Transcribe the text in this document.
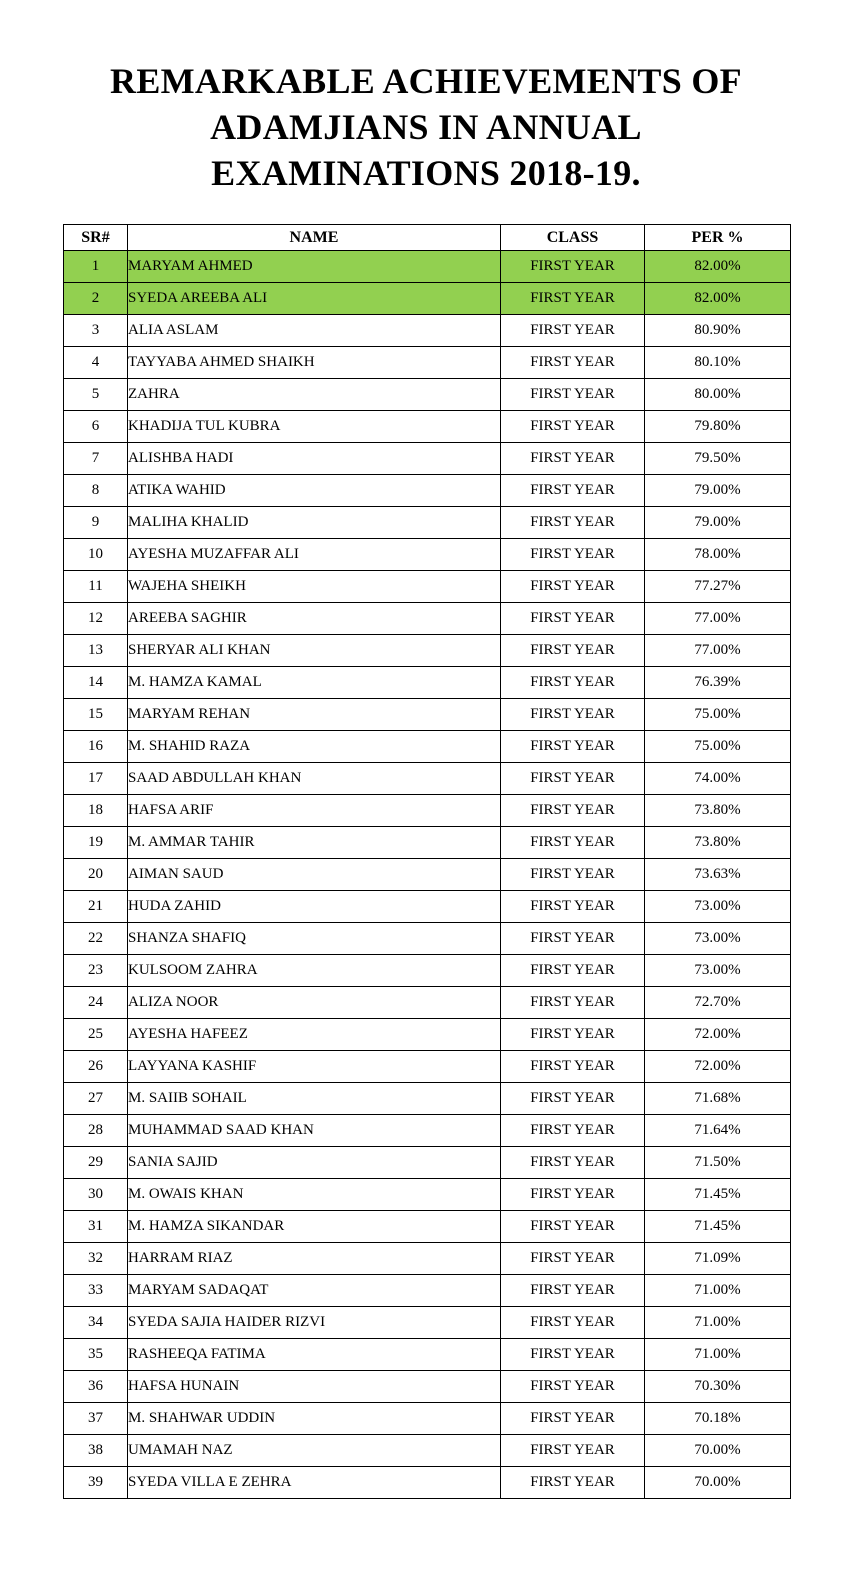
REMARKABLE ACHIEVEMENTS OF
ADAMJIANS IN ANNUAL
EXAMINATIONS 2018-19.
SR#	NAME	CLASS	PER %
1	MARYAM AHMED	FIRST YEAR	82.00%
2	SYEDA AREEBA ALI	FIRST YEAR	82.00%
3	ALIA ASLAM	FIRST YEAR	80.90%
4	TAYYABA AHMED SHAIKH	FIRST YEAR	80.10%
5	ZAHRA	FIRST YEAR	80.00%
6	KHADIJA TUL KUBRA	FIRST YEAR	79.80%
7	ALISHBA HADI	FIRST YEAR	79.50%
8	ATIKA WAHID	FIRST YEAR	79.00%
9	MALIHA KHALID	FIRST YEAR	79.00%
10	AYESHA MUZAFFAR ALI	FIRST YEAR	78.00%
11	WAJEHA SHEIKH	FIRST YEAR	77.27%
12	AREEBA SAGHIR	FIRST YEAR	77.00%
13	SHERYAR ALI KHAN	FIRST YEAR	77.00%
14	M. HAMZA KAMAL	FIRST YEAR	76.39%
15	MARYAM REHAN	FIRST YEAR	75.00%
16	M. SHAHID RAZA	FIRST YEAR	75.00%
17	SAAD ABDULLAH KHAN	FIRST YEAR	74.00%
18	HAFSA ARIF	FIRST YEAR	73.80%
19	M. AMMAR TAHIR	FIRST YEAR	73.80%
20	AIMAN SAUD	FIRST YEAR	73.63%
21	HUDA ZAHID	FIRST YEAR	73.00%
22	SHANZA SHAFIQ	FIRST YEAR	73.00%
23	KULSOOM ZAHRA	FIRST YEAR	73.00%
24	ALIZA NOOR	FIRST YEAR	72.70%
25	AYESHA HAFEEZ	FIRST YEAR	72.00%
26	LAYYANA KASHIF	FIRST YEAR	72.00%
27	M. SAIIB SOHAIL	FIRST YEAR	71.68%
28	MUHAMMAD SAAD KHAN	FIRST YEAR	71.64%
29	SANIA SAJID	FIRST YEAR	71.50%
30	M. OWAIS KHAN	FIRST YEAR	71.45%
31	M. HAMZA SIKANDAR	FIRST YEAR	71.45%
32	HARRAM RIAZ	FIRST YEAR	71.09%
33	MARYAM SADAQAT	FIRST YEAR	71.00%
34	SYEDA SAJIA HAIDER RIZVI	FIRST YEAR	71.00%
35	RASHEEQA FATIMA	FIRST YEAR	71.00%
36	HAFSA HUNAIN	FIRST YEAR	70.30%
37	M. SHAHWAR UDDIN	FIRST YEAR	70.18%
38	UMAMAH NAZ	FIRST YEAR	70.00%
39	SYEDA VILLA E ZEHRA	FIRST YEAR	70.00%
